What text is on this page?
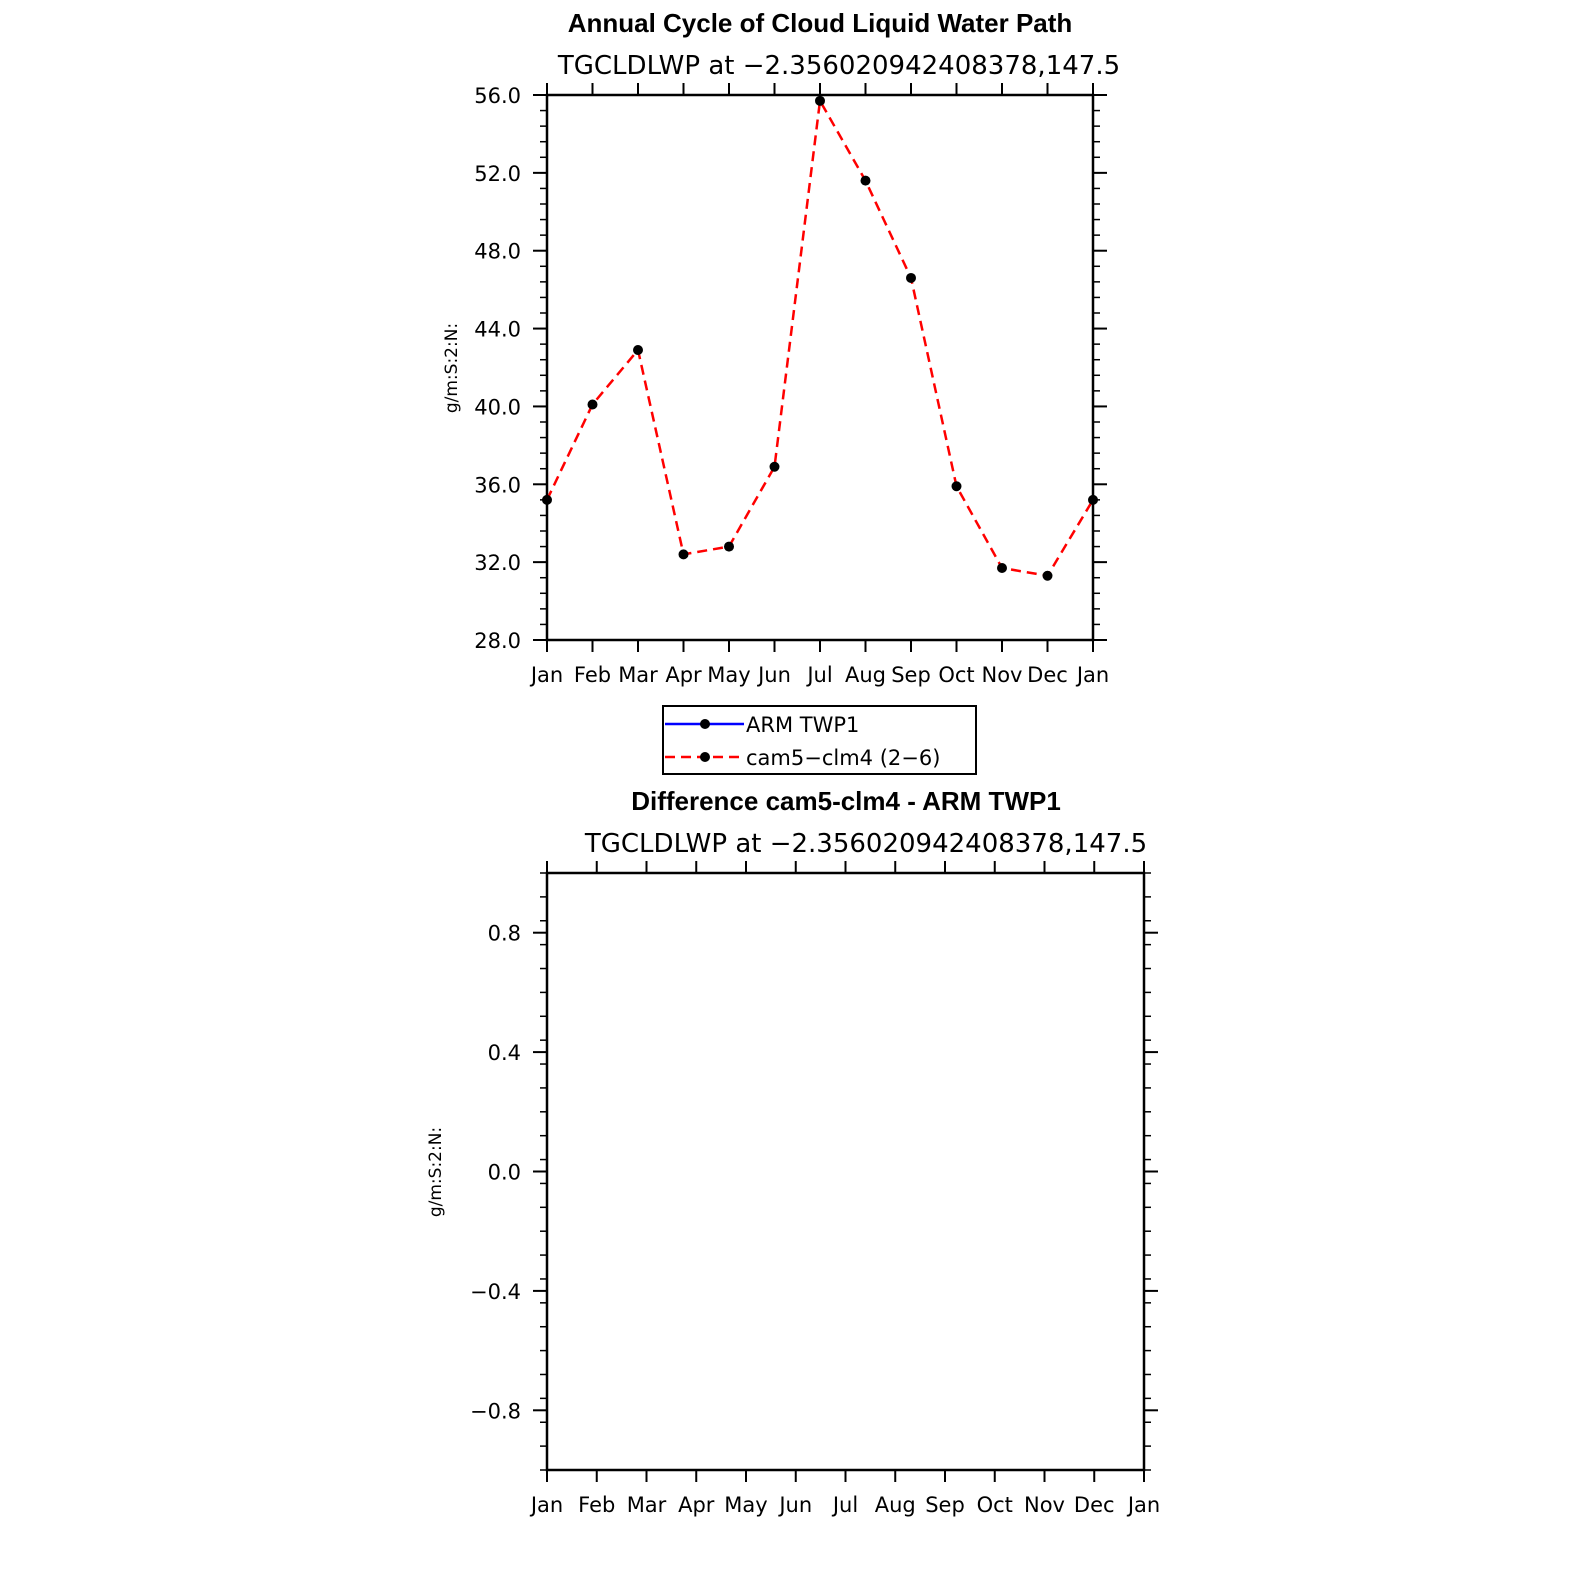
Annual Cycle of Cloud Liquid Water Path
TGCLDLWP at −2.356020942408378,147.5
g/m:S:2:N:
Jan Feb Mar Apr May Jun Jul Aug Sep Oct Nov Dec Jan
28.0
32.0
36.0
40.0
44.0
48.0
52.0
56.0
ARM TWP1
cam5−clm4 (2−6)
Difference cam5-clm4 - ARM TWP1
TGCLDLWP at −2.356020942408378,147.5
g/m:S:2:N:
Jan Feb Mar Apr May Jun Jul Aug Sep Oct Nov Dec Jan
−0.8
−0.4
0.0
0.4
0.8
